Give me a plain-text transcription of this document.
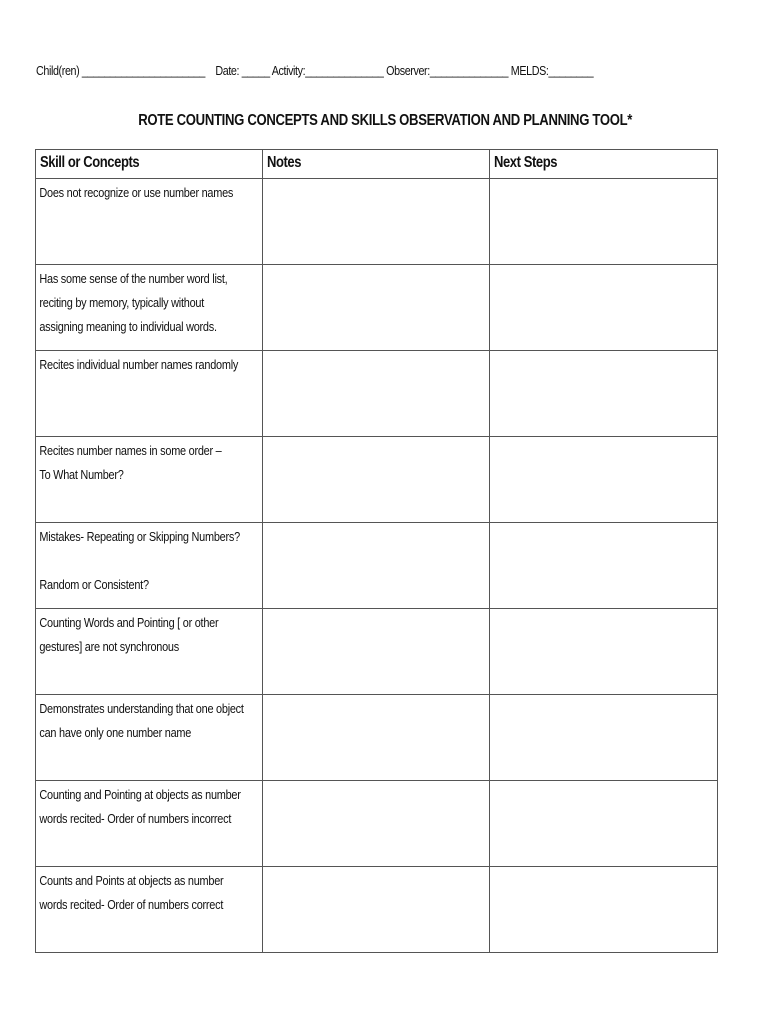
Child(ren) ______________________ Date: _____ Activity:______________ Observer:______________ MELDS:________
ROTE COUNTING CONCEPTS AND SKILLS OBSERVATION AND PLANNING TOOL*
Skill or Concepts	Notes	Next Steps

Does not recognize or use number names		

Has some sense of the number word list,
reciting by memory, typically without
assigning meaning to individual words.		

Recites individual number names randomly		

Recites number names in some order –
To What Number?		

Mistakes- Repeating or Skipping Numbers?
Random or Consistent?		

Counting Words and Pointing [ or other
gestures] are not synchronous		

Demonstrates understanding that one object
can have only one number name		

Counting and Pointing at objects as number
words recited- Order of numbers incorrect		

Counts and Points at objects as number
words recited- Order of numbers correct		
